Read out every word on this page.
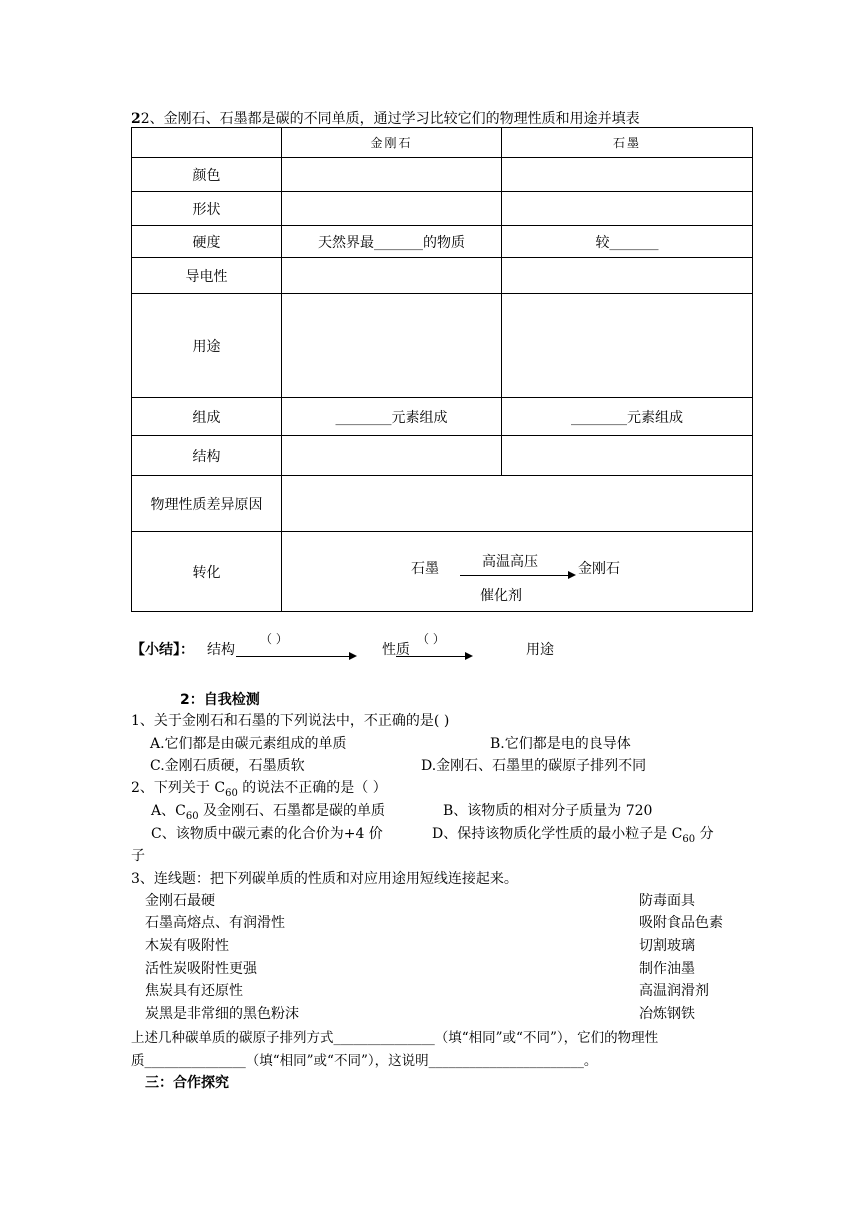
22、金刚石、石墨都是碳的不同单质，通过学习比较它们的物理性质和用途并填表
	金刚石	石墨
颜色		
形状		
硬度	天然界最_______的物质	较_______
导电性		
用途		
组成	________元素组成	________元素组成
结构		
物理性质差异原因		
转化			石墨	高温高压	金刚石
催化剂
【小结】： 结构
（ ）
性质
（ ）
用途
2：自我检测
1、关于金刚石和石墨的下列说法中，不正确的是( )
A.它们都是由碳元素组成的单质	B.它们都是电的良导体
C.金刚石质硬，石墨质软	D.金刚石、石墨里的碳原子排列不同
2、下列关于 $C_{60}$ 的说法不正确的是（ ）
A、$C_{60}$ 及金刚石、石墨都是碳的单质	B、该物质的相对分子质量为 720
C、该物质中碳元素的化合价为+4 价	D、保持该物质化学性质的最小粒子是 $C_{60}$ 分
子
3、连线题：把下列碳单质的性质和对应用途用短线连接起来。
金刚石最硬
石墨高熔点、有润滑性
木炭有吸附性
活性炭吸附性更强
焦炭具有还原性
炭黑是非常细的黑色粉沫
防毒面具
吸附食品色素
切割玻璃
制作油墨
高温润滑剂
冶炼钢铁
上述几种碳单质的碳原子排列方式_______________（填“相同”或“不同”），它们的物理性
质_______________（填“相同”或“不同”），这说明_______________________。
三：合作探究
